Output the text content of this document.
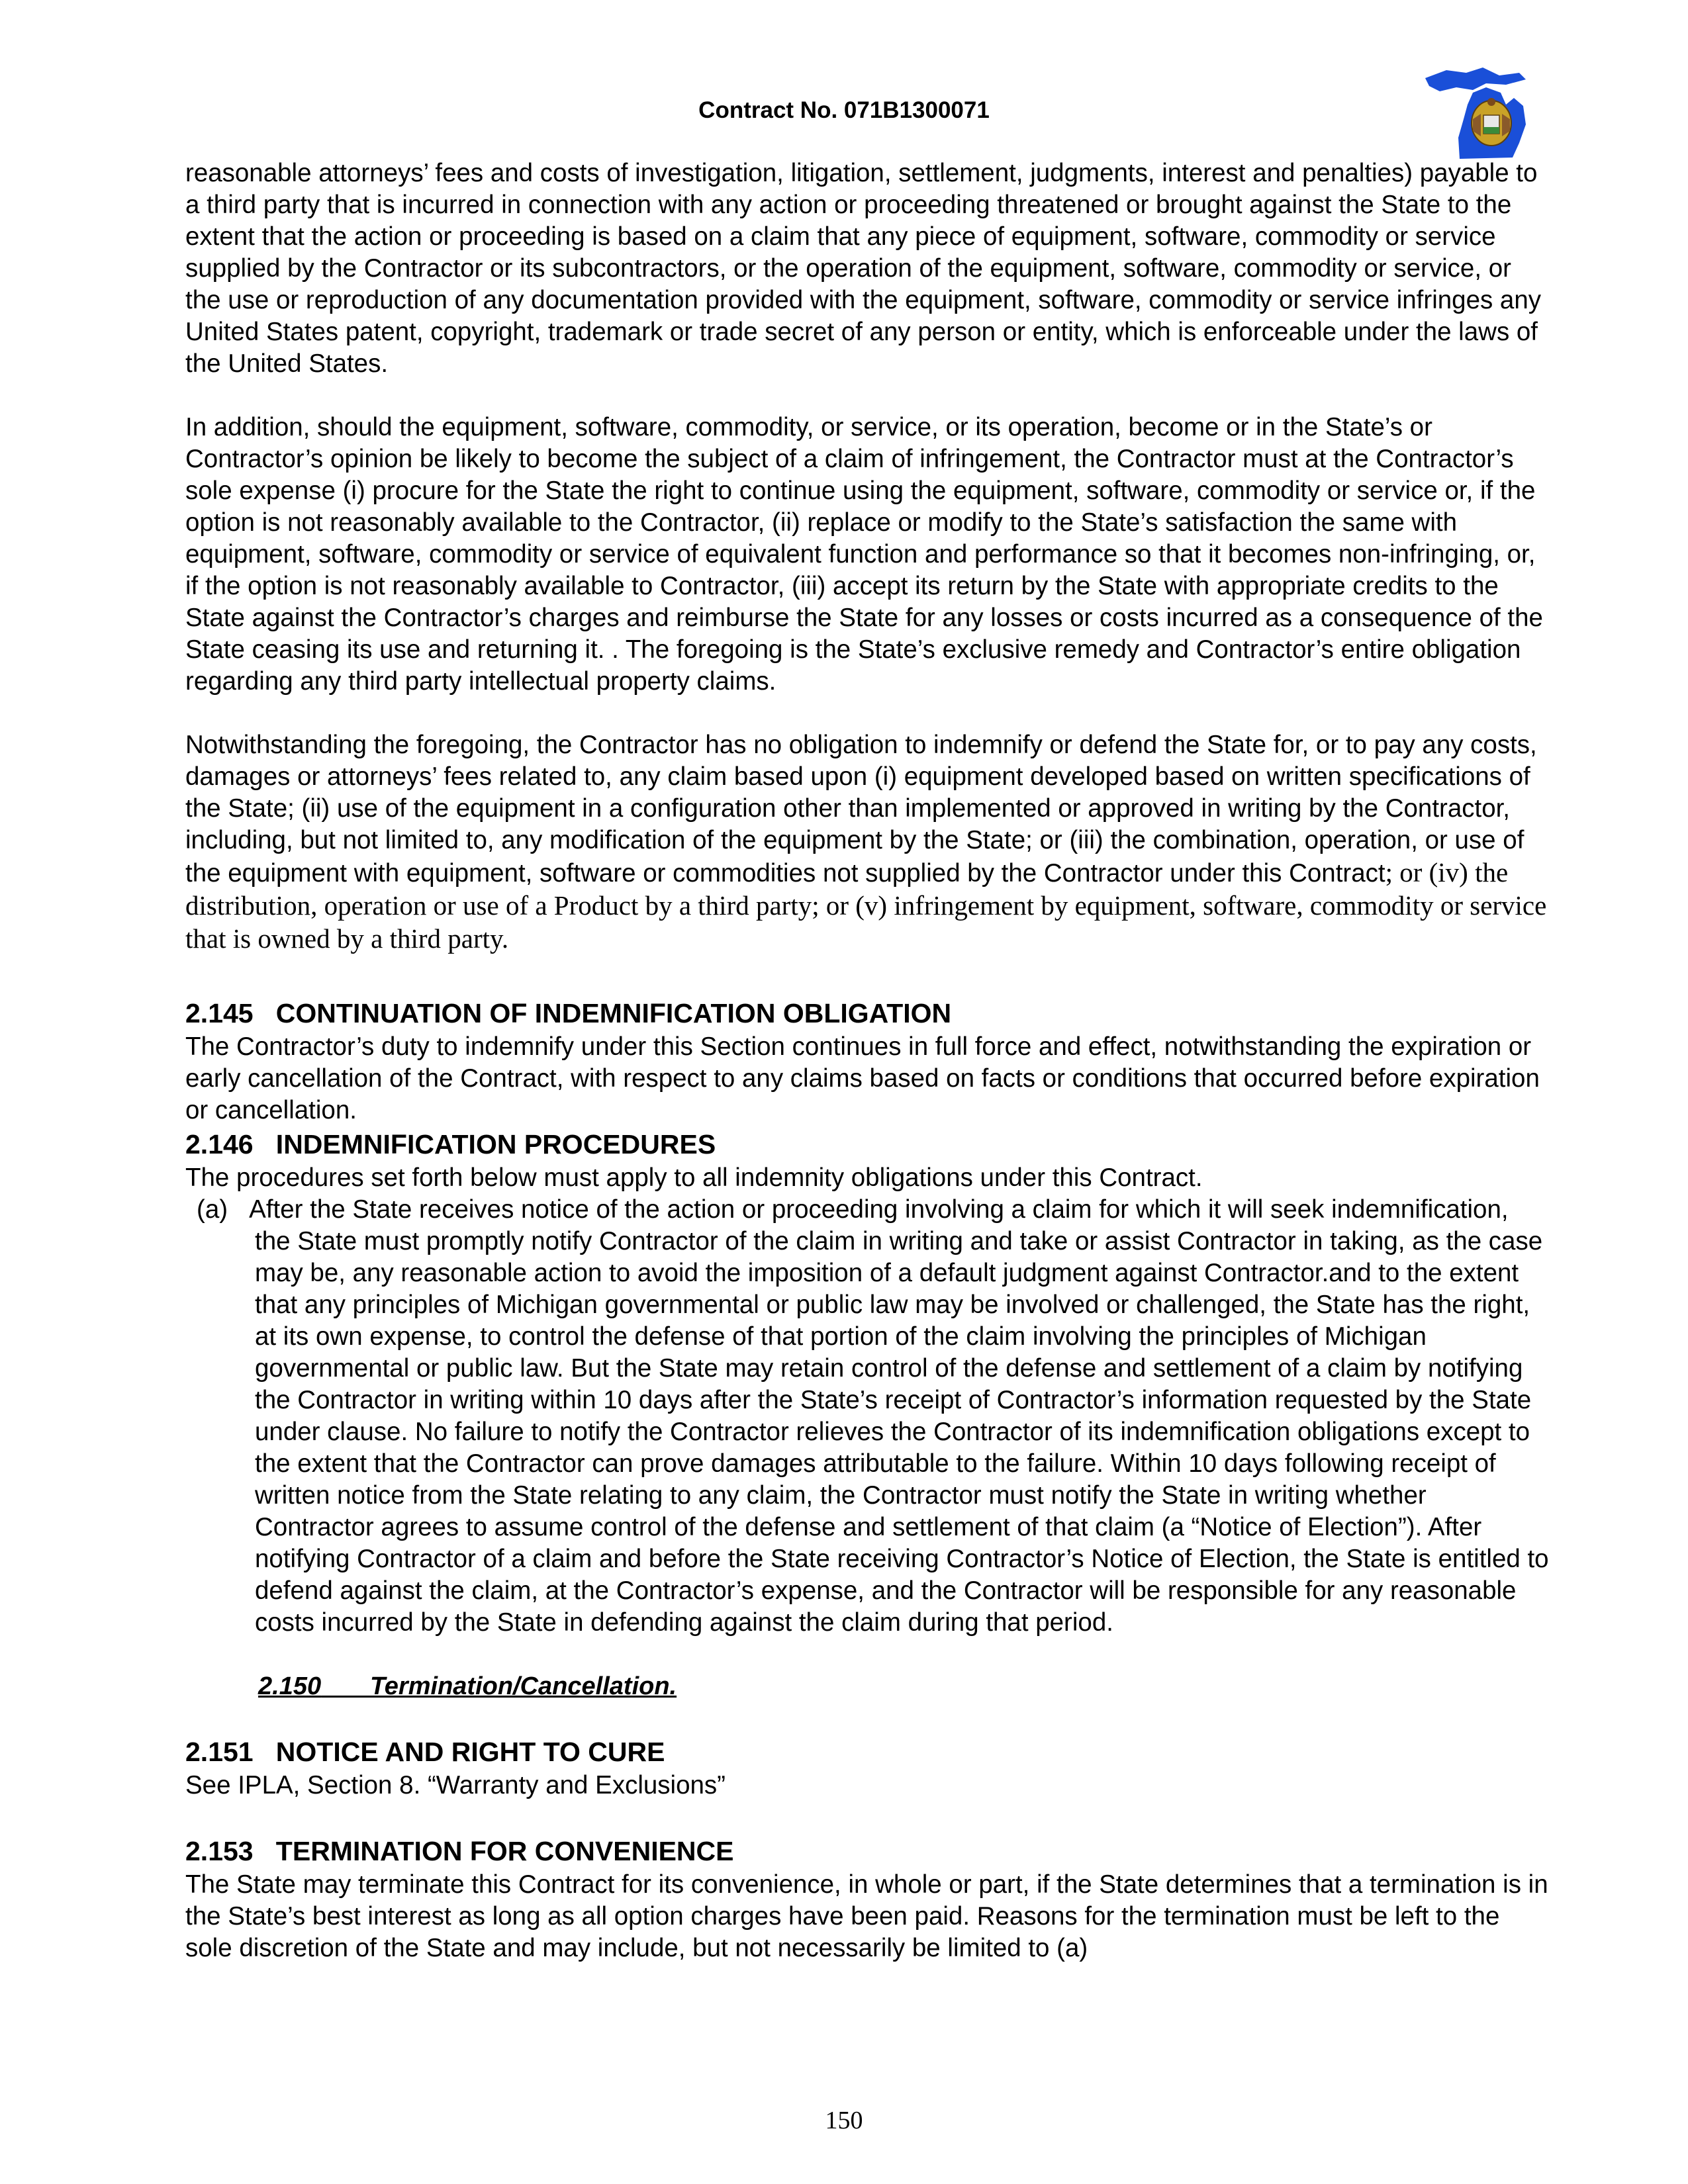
Contract No. 071B1300071

reasonable attorneys’ fees and costs of investigation, litigation, settlement, judgments, interest and penalties) payable to a third party that is incurred in connection with any action or proceeding threatened or brought against the State to the extent that the action or proceeding is based on a claim that any piece of equipment, software, commodity or service supplied by the Contractor or its subcontractors, or the operation of the equipment, software, commodity or service, or the use or reproduction of any documentation provided with the equipment, software, commodity or service infringes any United States patent, copyright, trademark or trade secret of any person or entity, which is enforceable under the laws of the United States.

In addition, should the equipment, software, commodity, or service, or its operation, become or in the State’s or Contractor’s opinion be likely to become the subject of a claim of infringement, the Contractor must at the Contractor’s sole expense (i) procure for the State the right to continue using the equipment, software, commodity or service or, if the option is not reasonably available to the Contractor, (ii) replace or modify to the State’s satisfaction the same with equipment, software, commodity or service of equivalent function and performance so that it becomes non-infringing, or, if the option is not reasonably available to Contractor, (iii) accept its return by the State with appropriate credits to the State against the Contractor’s charges and reimburse the State for any losses or costs incurred as a consequence of the State ceasing its use and returning it. . The foregoing is the State’s exclusive remedy and Contractor’s entire obligation regarding any third party intellectual property claims.

Notwithstanding the foregoing, the Contractor has no obligation to indemnify or defend the State for, or to pay any costs, damages or attorneys’ fees related to, any claim based upon (i) equipment developed based on written specifications of the State; (ii) use of the equipment in a configuration other than implemented or approved in writing by the Contractor, including, but not limited to, any modification of the equipment by the State; or (iii) the combination, operation, or use of the equipment with equipment, software or commodities not supplied by the Contractor under this Contract; or (iv) the distribution, operation or use of a Product by a third party; or (v) infringement by equipment, software, commodity or service that is owned by a third party.

2.145 CONTINUATION OF INDEMNIFICATION OBLIGATION

The Contractor’s duty to indemnify under this Section continues in full force and effect, notwithstanding the expiration or early cancellation of the Contract, with respect to any claims based on facts or conditions that occurred before expiration or cancellation.

2.146 INDEMNIFICATION PROCEDURES

The procedures set forth below must apply to all indemnity obligations under this Contract.

(a) After the State receives notice of the action or proceeding involving a claim for which it will seek indemnification, the State must promptly notify Contractor of the claim in writing and take or assist Contractor in taking, as the case may be, any reasonable action to avoid the imposition of a default judgment against Contractor.and to the extent that any principles of Michigan governmental or public law may be involved or challenged, the State has the right, at its own expense, to control the defense of that portion of the claim involving the principles of Michigan governmental or public law. But the State may retain control of the defense and settlement of a claim by notifying the Contractor in writing within 10 days after the State’s receipt of Contractor’s information requested by the State under clause. No failure to notify the Contractor relieves the Contractor of its indemnification obligations except to the extent that the Contractor can prove damages attributable to the failure. Within 10 days following receipt of written notice from the State relating to any claim, the Contractor must notify the State in writing whether Contractor agrees to assume control of the defense and settlement of that claim (a “Notice of Election”). After notifying Contractor of a claim and before the State receiving Contractor’s Notice of Election, the State is entitled to defend against the claim, at the Contractor’s expense, and the Contractor will be responsible for any reasonable costs incurred by the State in defending against the claim during that period.

2.150 Termination/Cancellation.

2.151 NOTICE AND RIGHT TO CURE

See IPLA, Section 8. “Warranty and Exclusions”

2.153 TERMINATION FOR CONVENIENCE

The State may terminate this Contract for its convenience, in whole or part, if the State determines that a termination is in the State’s best interest as long as all option charges have been paid. Reasons for the termination must be left to the sole discretion of the State and may include, but not necessarily be limited to (a)

150
